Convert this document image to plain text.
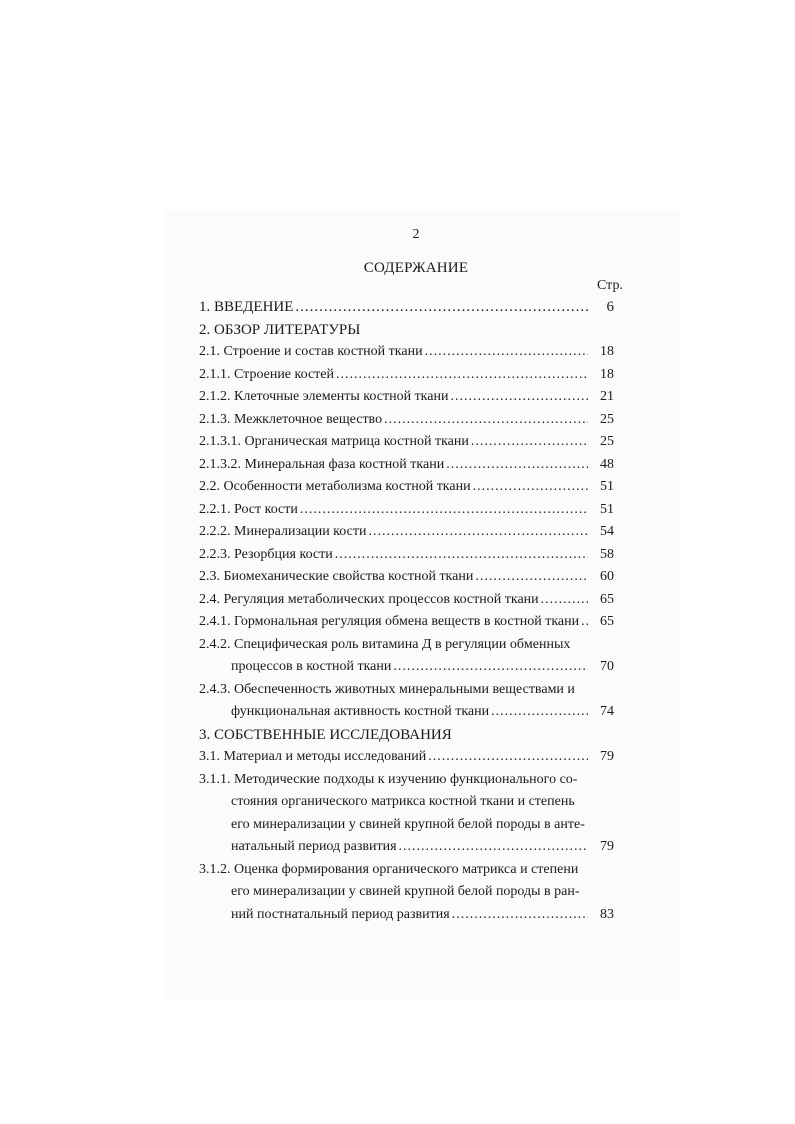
2
СОДЕРЖАНИЕ
Стр.
1. ВВЕДЕНИЕ .....	6
2. ОБЗОР ЛИТЕРАТУРЫ
2.1. Строение и состав костной ткани .....	18
2.1.1. Строение костей .....	18
2.1.2. Клеточные элементы костной ткани .....	21
2.1.3. Межклеточное вещество .....	25
2.1.3.1. Органическая матрица костной ткани .....	25
2.1.3.2. Минеральная фаза костной ткани .....	48
2.2. Особенности метаболизма костной ткани .....	51
2.2.1. Рост кости .....	51
2.2.2. Минерализации кости .....	54
2.2.3. Резорбция кости .....	58
2.3. Биомеханические свойства костной ткани .....	60
2.4. Регуляция метаболических процессов костной ткани .....	65
2.4.1. Гормональная регуляция обмена веществ в костной ткани .....	65
2.4.2. Специфическая роль витамина Д в регуляции обменных
процессов в костной ткани .....	70
2.4.3. Обеспеченность животных минеральными веществами и
функциональная активность костной ткани .....	74
3. СОБСТВЕННЫЕ ИССЛЕДОВАНИЯ
3.1. Материал и методы исследований .....	79
3.1.1. Методические подходы к изучению функционального со-
стояния органического матрикса костной ткани и степень
его минерализации у свиней крупной белой породы в анте-
натальный период развития .....	79
3.1.2. Оценка формирования органического матрикса и степени
его минерализации у свиней крупной белой породы в ран-
ний постнатальный период развития .....	83
